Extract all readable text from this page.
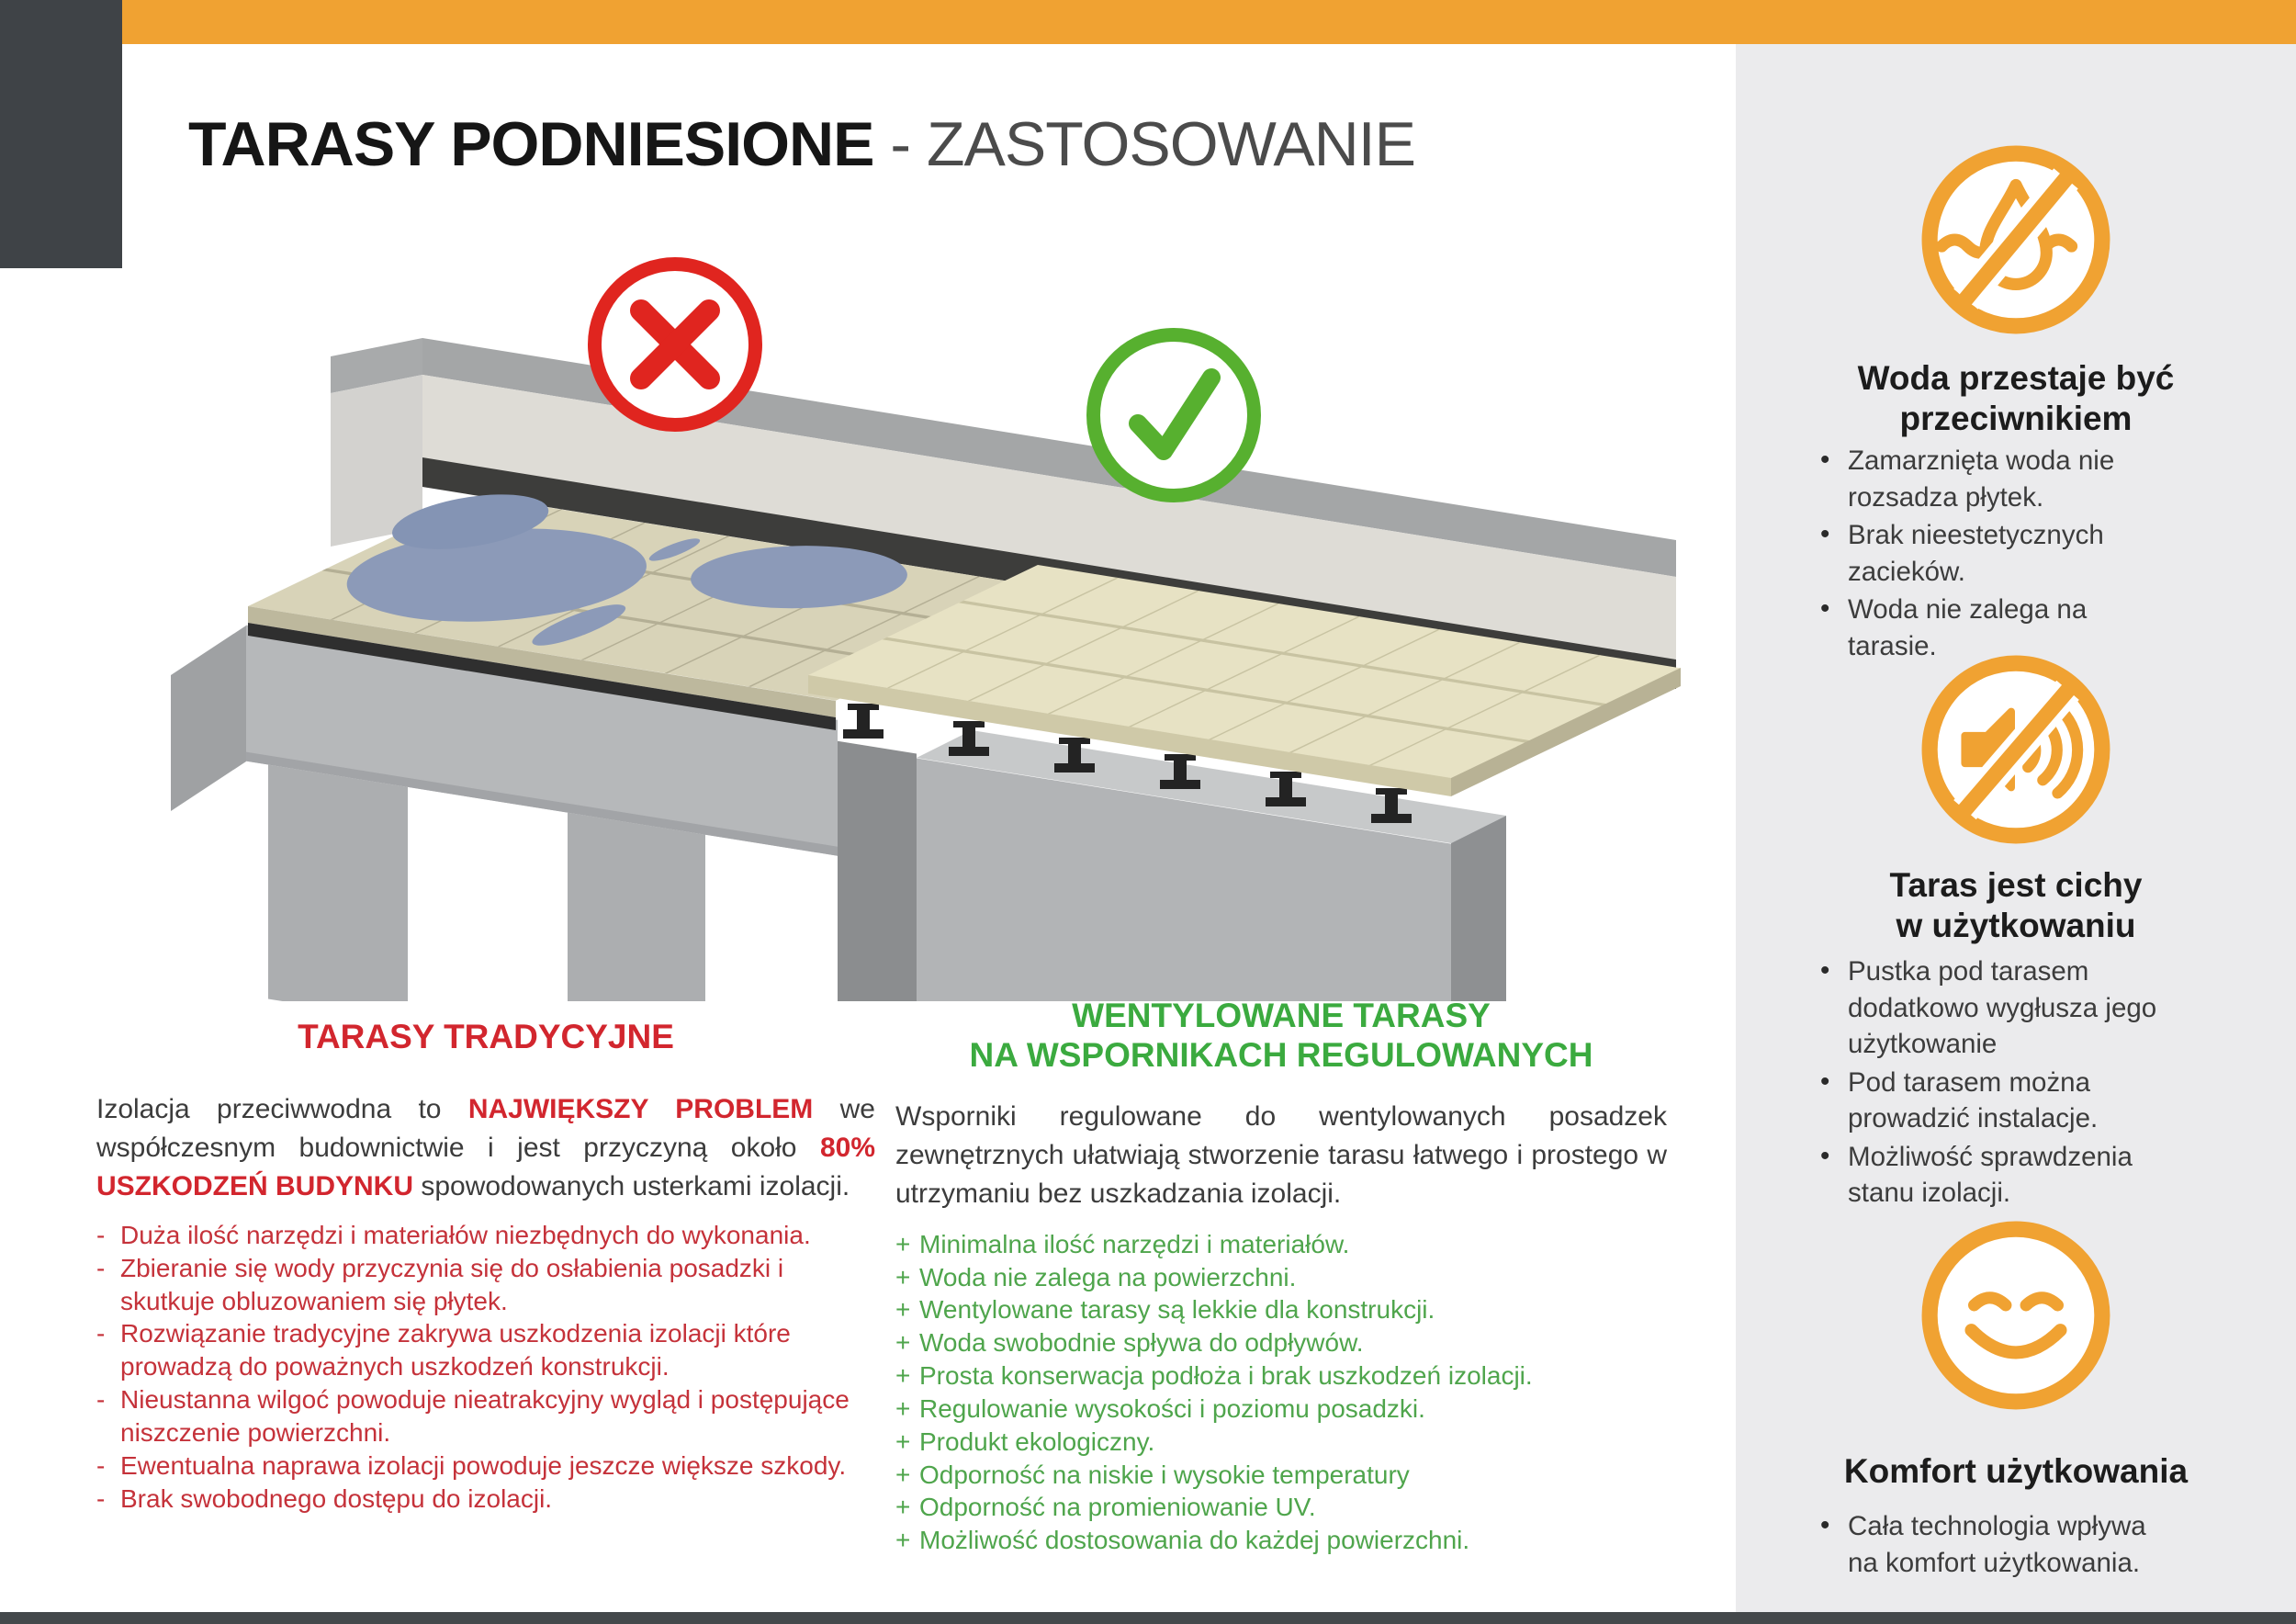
Woda przestaje być
przeciwnikiem
• Zamarznięta woda nie rozsadza płytek.
• Brak nieestetycznych zacieków.
• Woda nie zalega na tarasie.
Taras jest cichy
w użytkowaniu
• Pustka pod tarasem dodatkowo wygłusza jego użytkowanie
• Pod tarasem można prowadzić instalacje.
• Możliwość sprawdzenia stanu izolacji.
Komfort użytkowania
• Cała technologia wpływa na komfort użytkowania.
TARASY PODNIESIONE - ZASTOSOWANIE
TARASY TRADYCYJNE

Izolacja przeciwwodna to NAJWIĘKSZY PROBLEM we współczesnym budownictwie i jest przyczyną około 80% USZKODZEŃ BUDYNKU spowodowanych usterkami izolacji.

- Duża ilość narzędzi i materiałów niezbędnych do wykonania.
- Zbieranie się wody przyczynia się do osłabienia posadzki i skutkuje obluzowaniem się płytek.
- Rozwiązanie tradycyjne zakrywa uszkodzenia izolacji które prowadzą do poważnych uszkodzeń konstrukcji.
- Nieustanna wilgoć powoduje nieatrakcyjny wygląd i postępujące niszczenie powierzchni.
- Ewentualna naprawa izolacji powoduje jeszcze większe szkody.
- Brak swobodnego dostępu do izolacji.
WENTYLOWANE TARASY
NA WSPORNIKACH REGULOWANYCH

Wsporniki regulowane do wentylowanych posadzek zewnętrznych ułatwiają stworzenie tarasu łatwego i prostego w utrzymaniu bez uszkadzania izolacji.

+ Minimalna ilość narzędzi i materiałów.
+ Woda nie zalega na powierzchni.
+ Wentylowane tarasy są lekkie dla konstrukcji.
+ Woda swobodnie spływa do odpływów.
+ Prosta konserwacja podłoża i brak uszkodzeń izolacji.
+ Regulowanie wysokości i poziomu posadzki.
+ Produkt ekologiczny.
+ Odporność na niskie i wysokie temperatury
+ Odporność na promieniowanie UV.
+ Możliwość dostosowania do każdej powierzchni.
